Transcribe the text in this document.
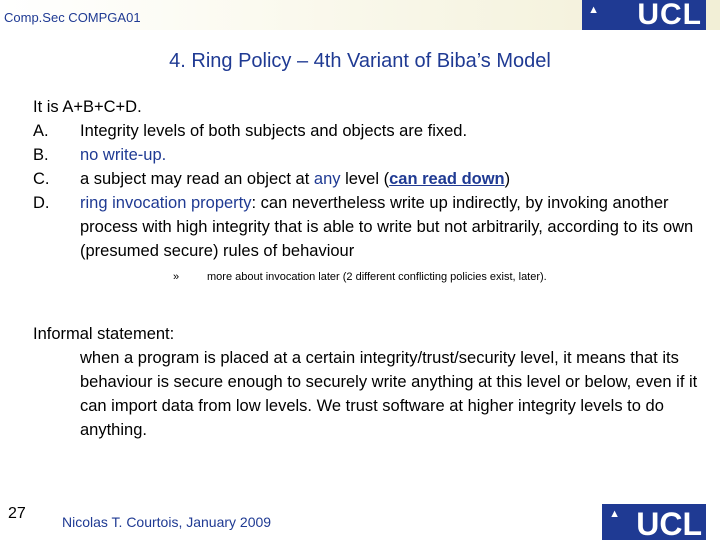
Comp.Sec COMPGA01	▲ UCL
4. Ring Policy – 4th Variant of Biba’s Model
It is A+B+C+D.
A.	Integrity levels of both subjects and objects are fixed.
B.	no write-up.
C.	a subject may read an object at any level (can read down)
D.	ring invocation property: can nevertheless write up indirectly, by invoking another process with high integrity that is able to write but not arbitrarily, according to its own (presumed secure) rules of behaviour
»	more about invocation later (2 different conflicting policies exist, later).
Informal statement:
when a program is placed at a certain integrity/trust/security level, it means that its behaviour is secure enough to securely write anything at this level or below, even if it can import data from low levels. We trust software at higher integrity levels to do anything.
27	Nicolas T. Courtois, January 2009	▲ UCL
